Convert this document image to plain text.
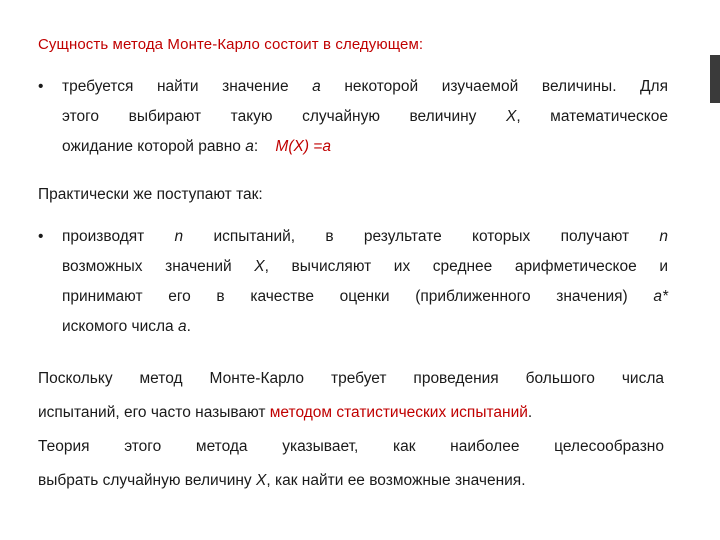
Сущность метода Монте-Карло состоит в следующем:
•	требуется найти значение а некоторой изучаемой величины. Для
этого выбирают такую случайную величину Х, математическое
ожидание которой равно а: М(Х) =а
Практически же поступают так:
•	производят n испытаний, в результате которых получают n
возможных значений Х, вычисляют их среднее арифметическое и
принимают его в качестве оценки (приближенного значения) а*
искомого числа а.
Поскольку метод Монте-Карло требует проведения большого числа
испытаний, его часто называют методом статистических испытаний.
Теория этого метода указывает, как наиболее целесообразно
выбрать случайную величину Х, как найти ее возможные значения.
